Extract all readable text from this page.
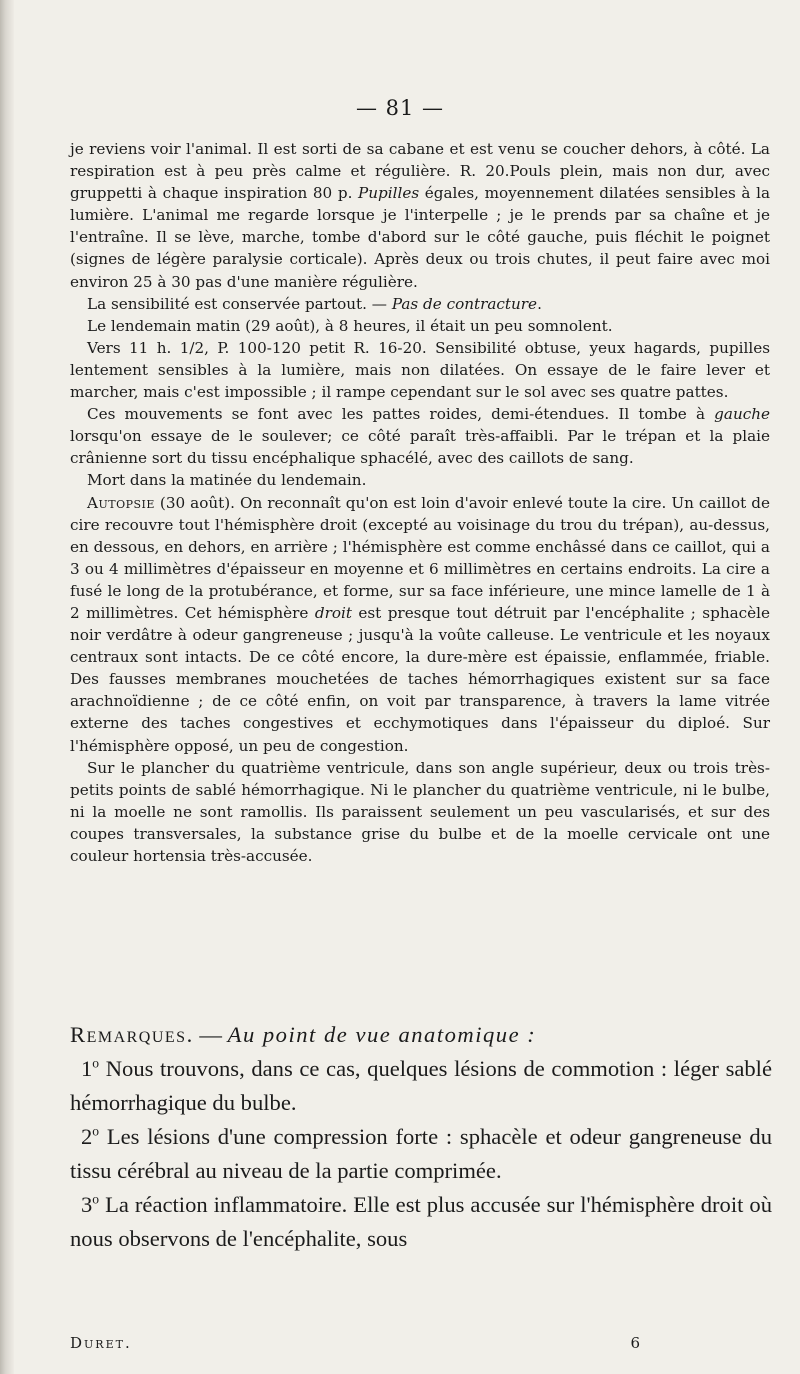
— 81 —

je reviens voir l'animal. Il est sorti de sa cabane et est venu se coucher dehors, à côté. La respiration est à peu près calme et régulière. R. 20.Pouls plein, mais non dur, avec gruppetti à chaque inspiration 80 p. Pupilles égales, moyennement dilatées sensibles à la lumière. L'animal me regarde lorsque je l'interpelle ; je le prends par sa chaîne et je l'entraîne. Il se lève, marche, tombe d'abord sur le côté gauche, puis fléchit le poignet (signes de légère paralysie corticale). Après deux ou trois chutes, il peut faire avec moi environ 25 à 30 pas d'une manière régulière.

La sensibilité est conservée partout. — Pas de contracture.

Le lendemain matin (29 août), à 8 heures, il était un peu somnolent.

Vers 11 h. 1/2, P. 100-120 petit R. 16-20. Sensibilité obtuse, yeux hagards, pupilles lentement sensibles à la lumière, mais non dilatées. On essaye de le faire lever et marcher, mais c'est impossible ; il rampe cependant sur le sol avec ses quatre pattes.

Ces mouvements se font avec les pattes roides, demi-étendues. Il tombe à gauche lorsqu'on essaye de le soulever; ce côté paraît très-affaibli. Par le trépan et la plaie crânienne sort du tissu encéphalique sphacélé, avec des caillots de sang.

Mort dans la matinée du lendemain.

Autopsie (30 août). On reconnaît qu'on est loin d'avoir enlevé toute la cire. Un caillot de cire recouvre tout l'hémisphère droit (excepté au voisinage du trou du trépan), au-dessus, en dessous, en dehors, en arrière ; l'hémisphère est comme enchâssé dans ce caillot, qui a 3 ou 4 millimètres d'épaisseur en moyenne et 6 millimètres en certains endroits. La cire a fusé le long de la protubérance, et forme, sur sa face inférieure, une mince lamelle de 1 à 2 millimètres. Cet hémisphère droit est presque tout détruit par l'encéphalite ; sphacèle noir verdâtre à odeur gangreneuse ; jusqu'à la voûte calleuse. Le ventricule et les noyaux centraux sont intacts. De ce côté encore, la dure-mère est épaissie, enflammée, friable. Des fausses membranes mouchetées de taches hémorrhagiques existent sur sa face arachnoïdienne ; de ce côté enfin, on voit par transparence, à travers la lame vitrée externe des taches congestives et ecchymotiques dans l'épaisseur du diploé. Sur l'hémisphère opposé, un peu de congestion.

Sur le plancher du quatrième ventricule, dans son angle supérieur, deux ou trois très-petits points de sablé hémorrhagique. Ni le plancher du quatrième ventricule, ni le bulbe, ni la moelle ne sont ramollis. Ils paraissent seulement un peu vascularisés, et sur des coupes transversales, la substance grise du bulbe et de la moelle cervicale ont une couleur hortensia très-accusée.

Remarques. — Au point de vue anatomique :

1$^o$ Nous trouvons, dans ce cas, quelques lésions de commotion : léger sablé hémorrhagique du bulbe.

2$^o$ Les lésions d'une compression forte : sphacèle et odeur gangreneuse du tissu cérébral au niveau de la partie comprimée.

3$^o$ La réaction inflammatoire. Elle est plus accusée sur l'hémisphère droit où nous observons de l'encéphalite, sous

Duret.	6
